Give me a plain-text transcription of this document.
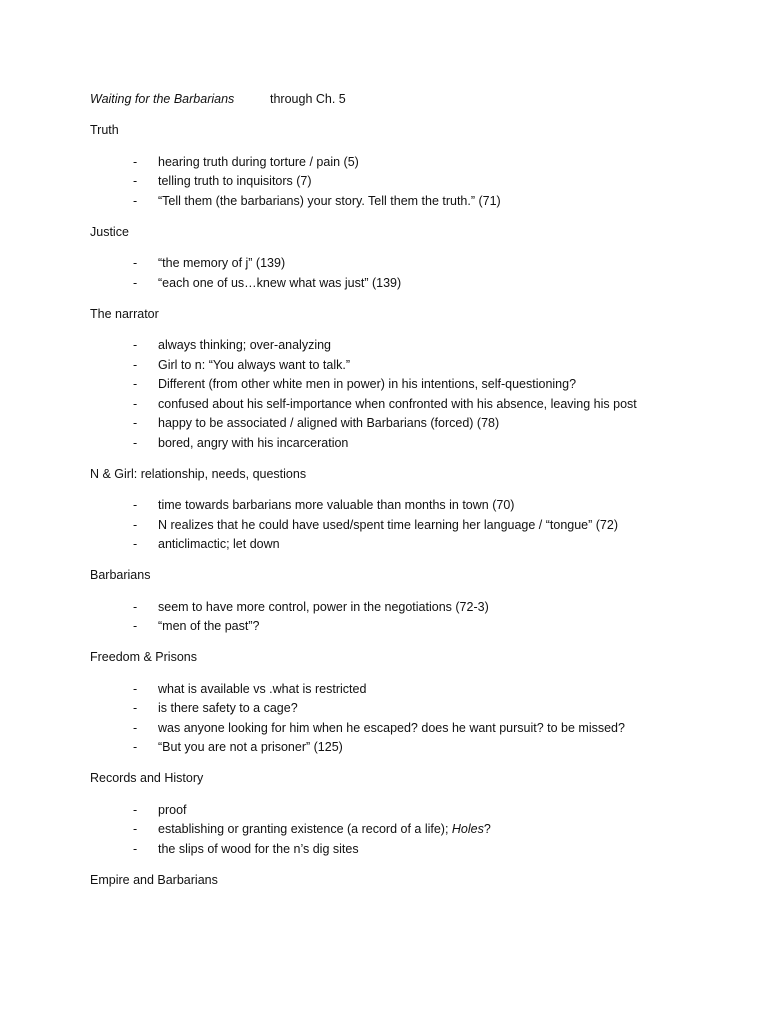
Waiting for the Barbarians	through Ch. 5
Truth
- hearing truth during torture / pain (5)
- telling truth to inquisitors (7)
- “Tell them (the barbarians) your story. Tell them the truth.” (71)
Justice
- “the memory of j” (139)
- “each one of us…knew what was just” (139)
The narrator
- always thinking; over-analyzing
- Girl to n: “You always want to talk.”
- Different (from other white men in power) in his intentions, self-questioning?
- confused about his self-importance when confronted with his absence, leaving his post
- happy to be associated / aligned with Barbarians (forced) (78)
- bored, angry with his incarceration
N & Girl: relationship, needs, questions
- time towards barbarians more valuable than months in town (70)
- N realizes that he could have used/spent time learning her language / “tongue” (72)
- anticlimactic; let down
Barbarians
- seem to have more control, power in the negotiations (72-3)
- “men of the past”?
Freedom & Prisons
- what is available vs .what is restricted
- is there safety to a cage?
- was anyone looking for him when he escaped? does he want pursuit? to be missed?
- “But you are not a prisoner” (125)
Records and History
- proof
- establishing or granting existence (a record of a life); Holes?
- the slips of wood for the n’s dig sites
Empire and Barbarians
